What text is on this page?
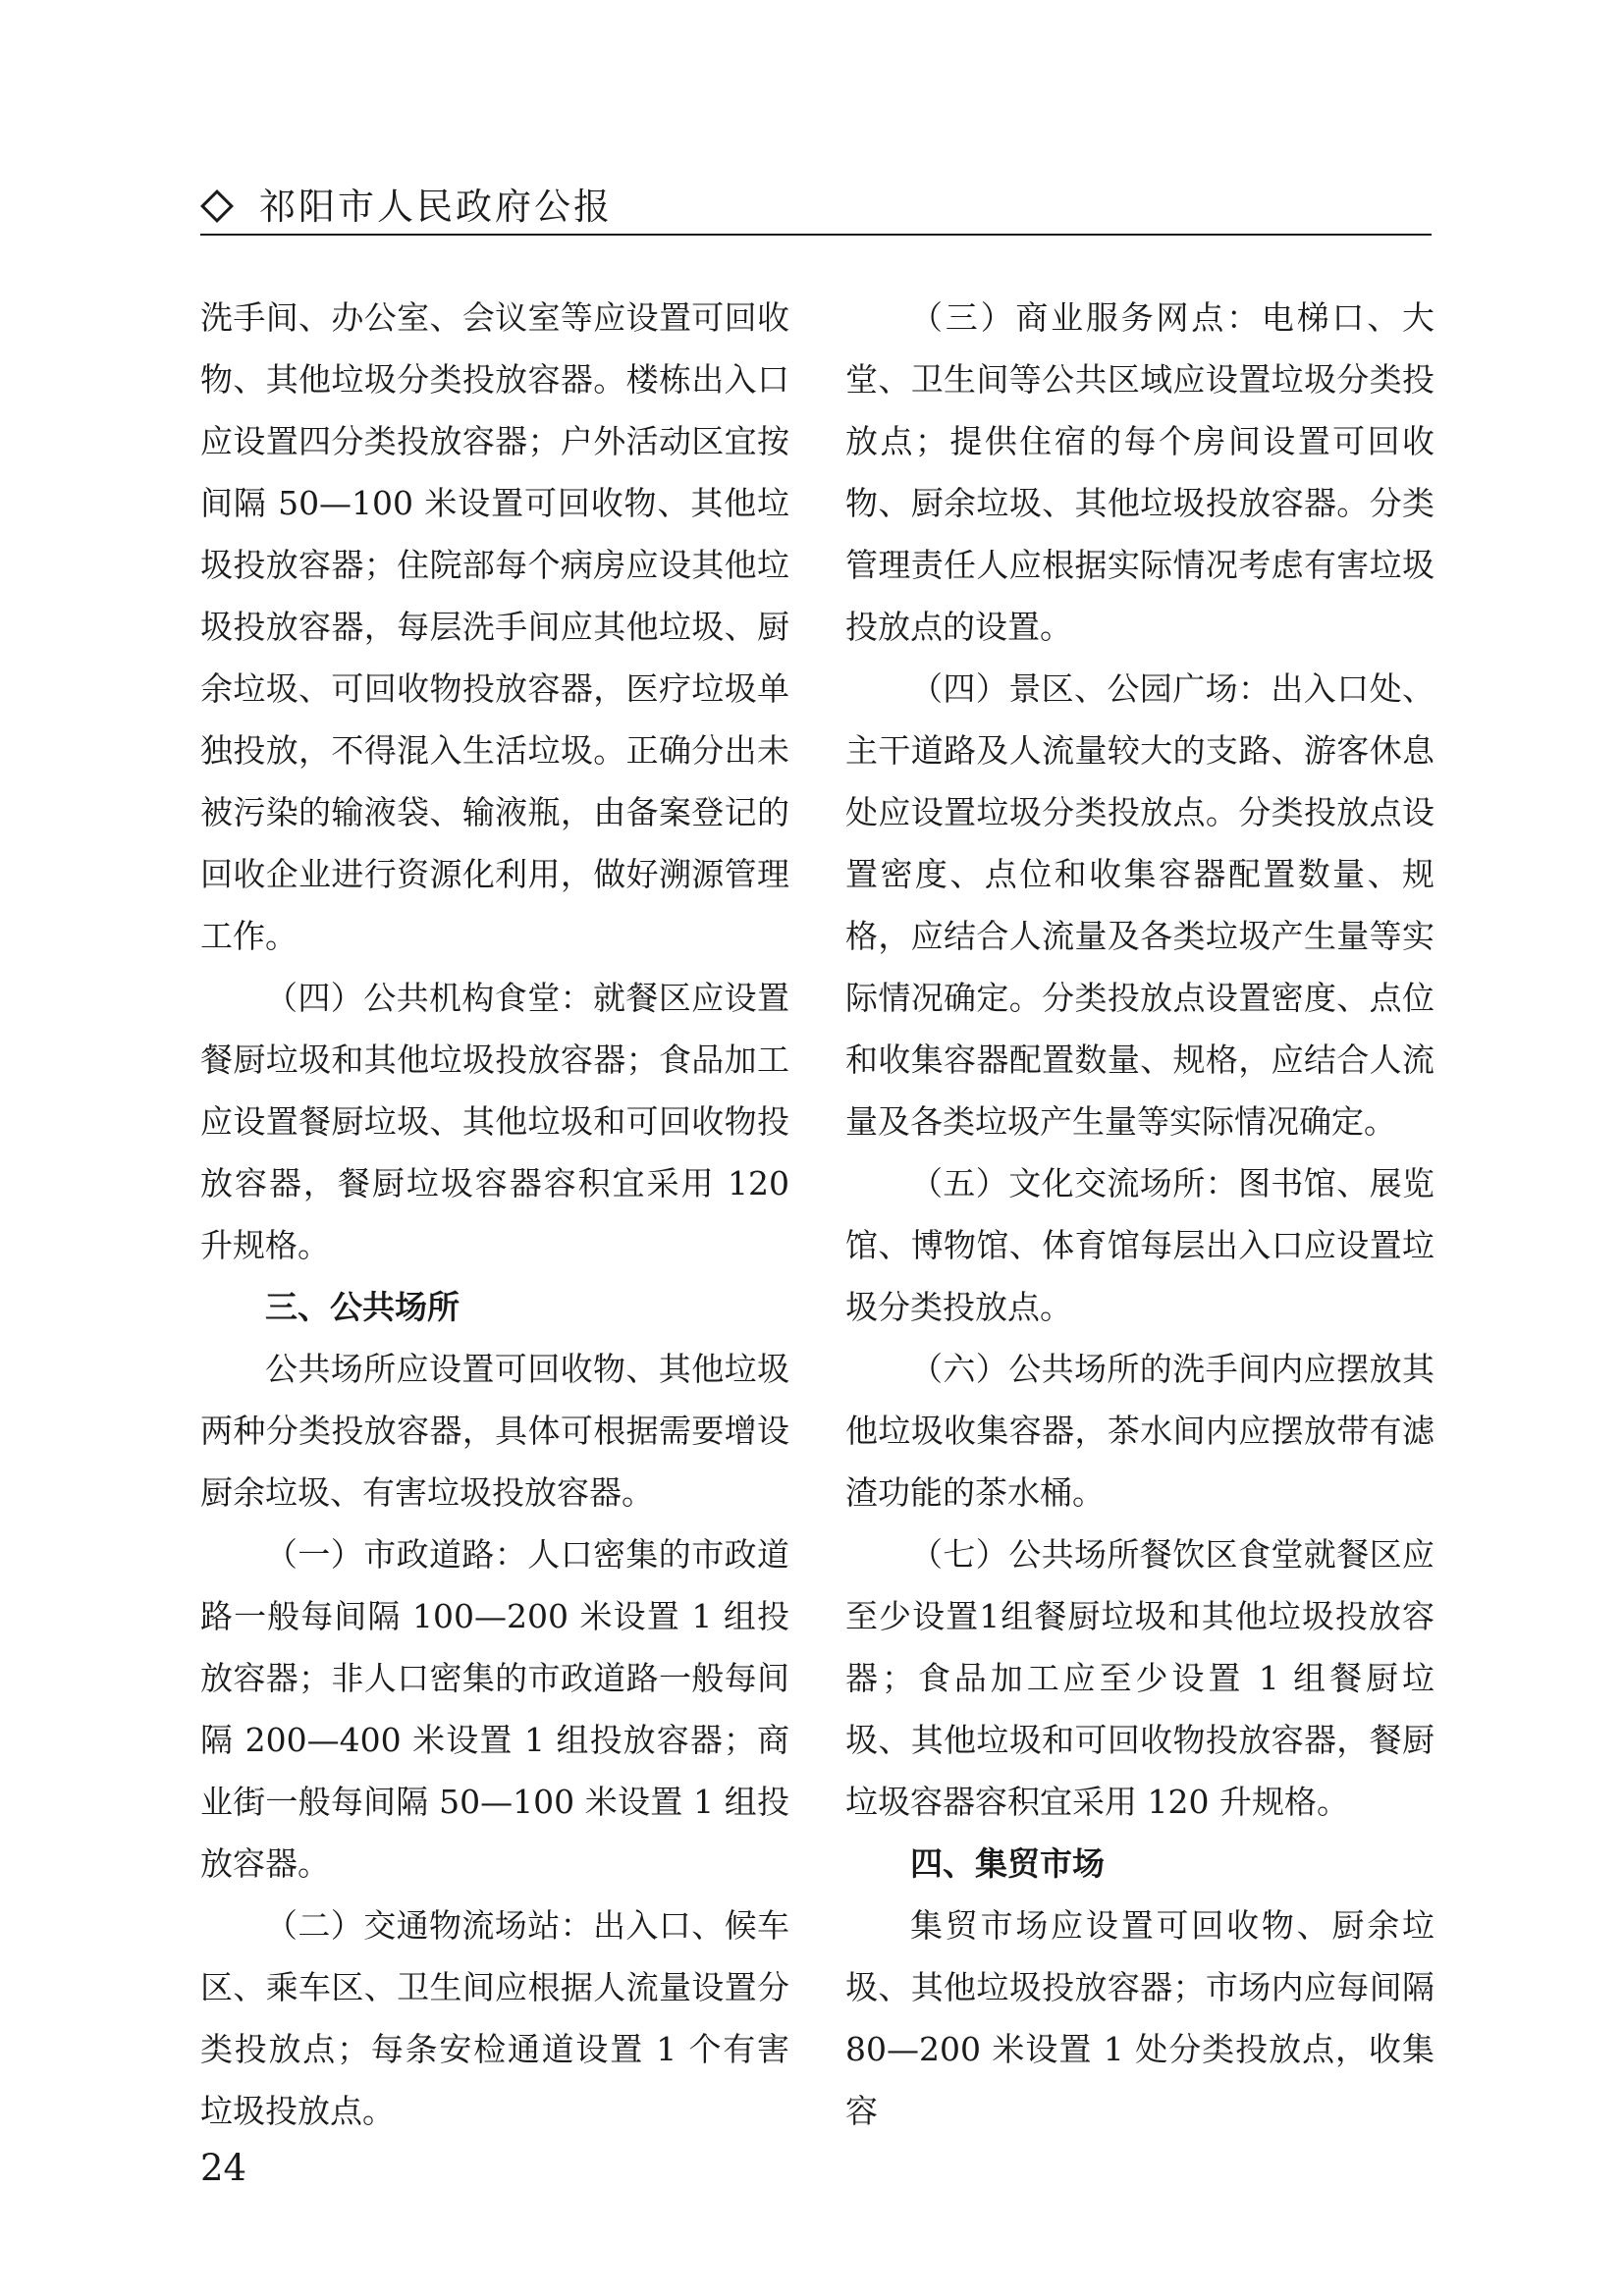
祁阳市人民政府公报

洗手间、办公室、会议室等应设置可回收物、其他垃圾分类投放容器。楼栋出入口应设置四分类投放容器；户外活动区宜按间隔 50—100 米设置可回收物、其他垃圾投放容器；住院部每个病房应设其他垃圾投放容器，每层洗手间应其他垃圾、厨余垃圾、可回收物投放容器，医疗垃圾单独投放，不得混入生活垃圾。正确分出未被污染的输液袋、输液瓶，由备案登记的回收企业进行资源化利用，做好溯源管理工作。

（四）公共机构食堂：就餐区应设置餐厨垃圾和其他垃圾投放容器；食品加工应设置餐厨垃圾、其他垃圾和可回收物投放容器，餐厨垃圾容器容积宜采用 120 升规格。

三、公共场所

公共场所应设置可回收物、其他垃圾两种分类投放容器，具体可根据需要增设厨余垃圾、有害垃圾投放容器。

（一）市政道路：人口密集的市政道路一般每间隔 100—200 米设置 1 组投放容器；非人口密集的市政道路一般每间隔 200—400 米设置 1 组投放容器；商业街一般每间隔 50—100 米设置 1 组投放容器。

（二）交通物流场站：出入口、候车区、乘车区、卫生间应根据人流量设置分类投放点；每条安检通道设置 1 个有害垃圾投放点。

（三）商业服务网点：电梯口、大堂、卫生间等公共区域应设置垃圾分类投放点；提供住宿的每个房间设置可回收物、厨余垃圾、其他垃圾投放容器。分类管理责任人应根据实际情况考虑有害垃圾投放点的设置。

（四）景区、公园广场：出入口处、主干道路及人流量较大的支路、游客休息处应设置垃圾分类投放点。分类投放点设置密度、点位和收集容器配置数量、规格，应结合人流量及各类垃圾产生量等实际情况确定。分类投放点设置密度、点位和收集容器配置数量、规格，应结合人流量及各类垃圾产生量等实际情况确定。

（五）文化交流场所：图书馆、展览馆、博物馆、体育馆每层出入口应设置垃圾分类投放点。

（六）公共场所的洗手间内应摆放其他垃圾收集容器，茶水间内应摆放带有滤渣功能的茶水桶。

（七）公共场所餐饮区食堂就餐区应至少设置1组餐厨垃圾和其他垃圾投放容器；食品加工应至少设置 1 组餐厨垃圾、其他垃圾和可回收物投放容器，餐厨垃圾容器容积宜采用 120 升规格。

四、集贸市场

集贸市场应设置可回收物、厨余垃圾、其他垃圾投放容器；市场内应每间隔 80—200 米设置 1 处分类投放点，收集容

24
